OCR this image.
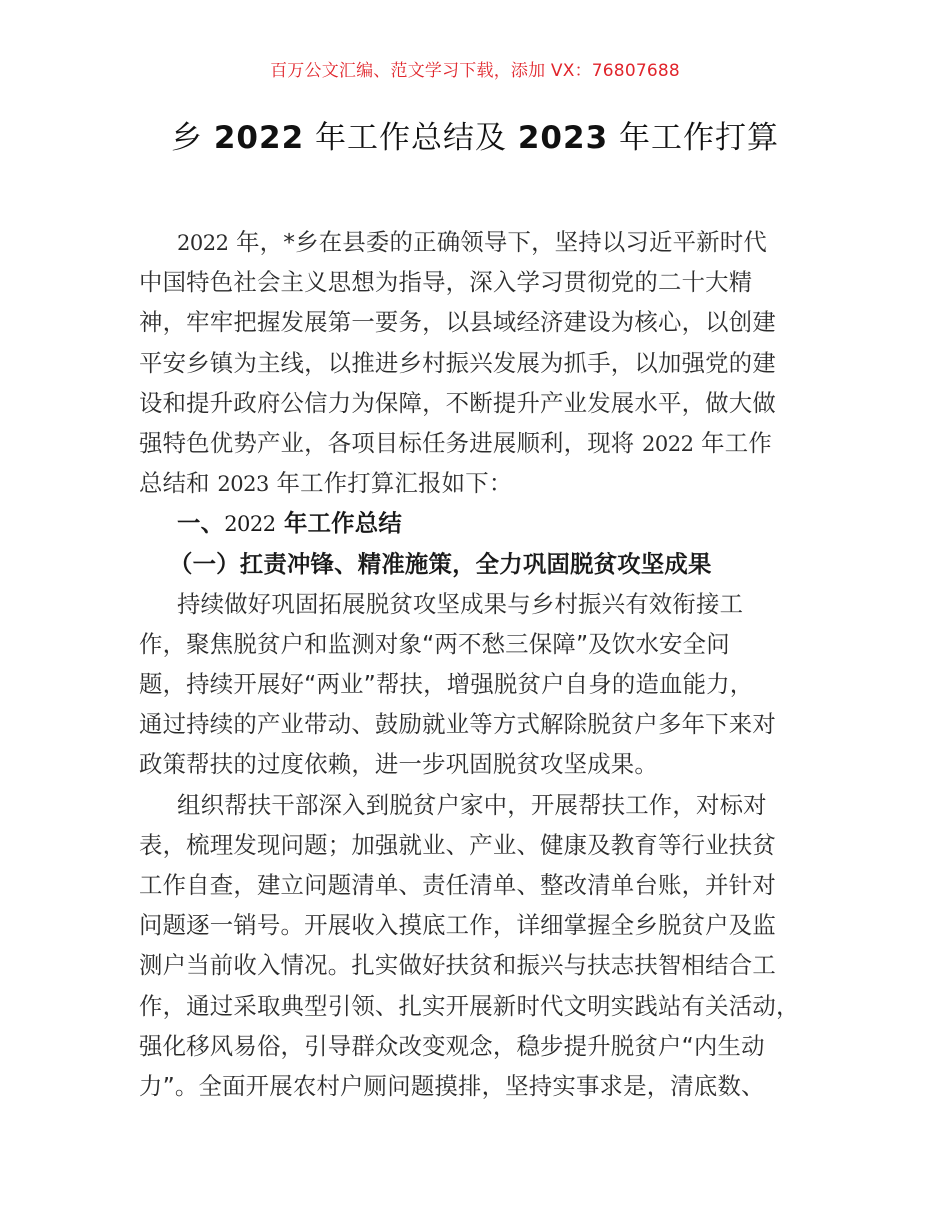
百万公文汇编、范文学习下载，添加 VX：76807688
乡 2022 年工作总结及 2023 年工作打算
2022 年，*乡在县委的正确领导下，坚持以习近平新时代
中国特色社会主义思想为指导，深入学习贯彻党的二十大精
神，牢牢把握发展第一要务，以县域经济建设为核心，以创建
平安乡镇为主线，以推进乡村振兴发展为抓手，以加强党的建
设和提升政府公信力为保障，不断提升产业发展水平，做大做
强特色优势产业，各项目标任务进展顺利，现将 2022 年工作
总结和 2023 年工作打算汇报如下：
一、2022 年工作总结
（一）扛责冲锋、精准施策，全力巩固脱贫攻坚成果
持续做好巩固拓展脱贫攻坚成果与乡村振兴有效衔接工
作，聚焦脱贫户和监测对象“两不愁三保障”及饮水安全问
题，持续开展好“两业”帮扶，增强脱贫户自身的造血能力，
通过持续的产业带动、鼓励就业等方式解除脱贫户多年下来对
政策帮扶的过度依赖，进一步巩固脱贫攻坚成果。
组织帮扶干部深入到脱贫户家中，开展帮扶工作，对标对
表，梳理发现问题；加强就业、产业、健康及教育等行业扶贫
工作自查，建立问题清单、责任清单、整改清单台账，并针对
问题逐一销号。开展收入摸底工作，详细掌握全乡脱贫户及监
测户当前收入情况。扎实做好扶贫和振兴与扶志扶智相结合工
作，通过采取典型引领、扎实开展新时代文明实践站有关活动，
强化移风易俗，引导群众改变观念，稳步提升脱贫户“内生动
力”。全面开展农村户厕问题摸排，坚持实事求是，清底数、
